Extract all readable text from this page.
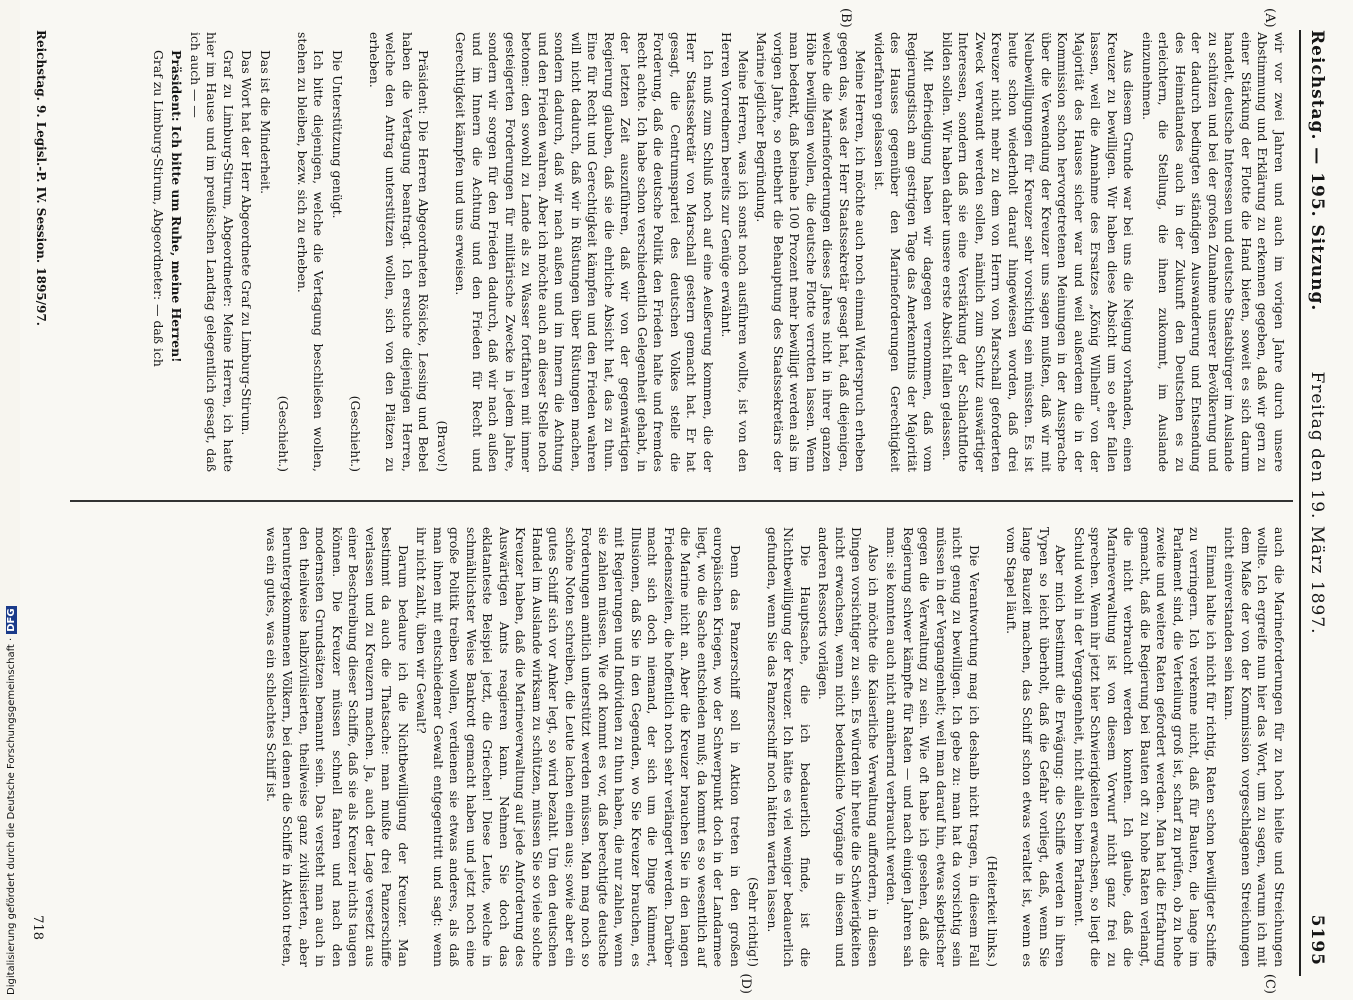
Reichstag. — 195. Sitzung.
Freitag den 19. März 1897.
5195
(A)
(B)
(C)
(D)

wir vor zwei Jahren und auch im vorigen Jahre durch unsere Abstimmung und Erklärung zu erkennen gegeben, daß wir gern zu einer Stärkung der Flotte die Hand bieten, soweit es sich darum handelt, deutsche Interessen und deutsche Staatsbürger im Auslande zu schützen und bei der großen Zunahme unserer Bevölkerung und der dadurch bedingten ständigen Auswanderung und Entsendung des Heimatlandes auch in der Zukunft den Deutschen es zu erleichtern, die Stellung, die ihnen zukommt, im Auslande einzunehmen.

Aus diesem Grunde war bei uns die Neigung vorhanden, einen Kreuzer zu bewilligen. Wir haben diese Absicht um so eher fallen lassen, weil die Annahme des Ersatzes „König Wilhelm“ von der Majorität des Hauses sicher war und weil außerdem die in der Kommission schon hervorgetretenen Meinungen in der Aussprache über die Verwendung der Kreuzer uns sagen mußten, daß wir mit Neubewilligungen für Kreuzer sehr vorsichtig sein müssten. Es ist heute schon wiederholt darauf hingewiesen worden, daß drei Kreuzer nicht mehr zu dem von Herrn von Marschall geforderten Zweck verwandt werden sollen, nämlich zum Schutz auswärtiger Interessen, sondern daß sie eine Verstärkung der Schlachtflotte bilden sollen. Wir haben daher unsere erste Absicht fallen gelassen.

Mit Befriedigung haben wir dagegen vernommen, daß vom Regierungstisch am gestrigen Tage das Anerkenntnis der Majorität des Hauses gegenüber den Marineforderungen Gerechtigkeit widerfahren gelassen ist.

Meine Herren, ich möchte auch noch einmal Widerspruch erheben gegen das, was der Herr Staatssekretär gesagt hat, daß diejenigen, welche die Marineforderungen dieses Jahres nicht in ihrer ganzen Höhe bewilligen wollen, die deutsche Flotte verrotten lassen. Wenn man bedenkt, daß beinahe 100 Prozent mehr bewilligt werden als im vorigen Jahre, so entbehrt die Behauptung des Staatssekretärs der Marine jeglicher Begründung.

Meine Herren, was ich sonst noch ausführen wollte, ist von den Herren Vorrednern bereits zur Genüge erwähnt.

Ich muß zum Schluß noch auf eine Aeußerung kommen, die der Herr Staatssekretär von Marschall gestern gemacht hat. Er hat gesagt, die Centrumspartei des deutschen Volkes stelle die Forderung, daß die deutsche Politik den Frieden halte und fremdes Recht achte. Ich habe schon verschiedentlich Gelegenheit gehabt, in der letzten Zeit auszuführen, daß wir von der gegenwärtigen Regierung glauben, daß sie die ehrliche Absicht hat, das zu thun. Eine für Recht und Gerechtigkeit kämpfen und den Frieden wahren will nicht dadurch, daß wir in Rüstungen über Rüstungen machen, sondern dadurch, daß wir nach außen und im Innern die Achtung und den Frieden wahren. Aber ich möchte auch an dieser Stelle noch betonen: den sowohl zu Lande als zu Wasser fortfahren mit immer gesteigerten Forderungen für militärische Zwecke in jedem Jahre, sondern wir sorgen für den Frieden dadurch, daß wir nach außen und im Innern die Achtung und den Frieden für Recht und Gerechtigkeit kämpfen und uns erweisen.

(Bravo!)

Präsident: Die Herren Abgeordneten Rösicke, Lessing und Bebel haben die Vertagung beantragt. Ich ersuche diejenigen Herren, welche den Antrag unterstützen wollen, sich von den Plätzen zu erheben.

(Geschieht.)

Die Unterstützung genügt.

Ich bitte diejenigen, welche die Vertagung beschließen wollen, stehen zu bleiben, bezw. sich zu erheben.

(Geschieht.)

Das ist die Minderheit.

Das Wort hat der Herr Abgeordnete Graf zu Limburg-Stirum.

Graf zu Limburg-Stirum, Abgeordneter: Meine Herren, ich hatte hier im Hause und im preußischen Landtag gelegentlich gesagt, daß ich auch — —

Präsident: Ich bitte um Ruhe, meine Herren!

Graf zu Limburg-Stirum, Abgeordneter: — daß ich

auch die Marineforderungen für zu hoch hielte und Streichungen wollte. Ich ergreife nun hier das Wort, um zu sagen, warum ich mit dem Maße der von der Kommission vorgeschlagenen Streichungen nicht einverstanden sein kann.

Einmal halte ich nicht für richtig, Raten schon bewilligter Schiffe zu verringern. Ich verkenne nicht, daß für Bauten, die lange im Parlament sind, die Verteilung groß ist, scharf zu prüfen, ob zu hohe zweite und weitere Raten gefordert werden. Man hat die Erfahrung gemacht, daß die Regierung bei Bauten oft zu hohe Raten verlangt, die nicht verbraucht werden konnten. Ich glaube, daß die Marineverwaltung ist von diesem Vorwurf nicht ganz frei zu sprechen. Wenn ihr jetzt hier Schwierigkeiten erwachsen, so liegt die Schuld wohl in der Vergangenheit, nicht allein beim Parlament.

Aber mich bestimmt die Erwägung: die Schiffe werden in ihren Typen so leicht überholt, daß die Gefahr vorliegt, daß, wenn Sie lange Bauzeit machen, das Schiff schon etwas veraltet ist, wenn es vom Stapel läuft.

(Heiterkeit links.)

Die Verantwortung mag ich deshalb nicht tragen, in diesem Fall nicht genug zu bewilligen. Ich gebe zu: man hat da vorsichtig sein müssen in der Vergangenheit; weil man darauf hin, etwas skeptischer gegen die Verwaltung zu sein. Wie oft habe ich gesehen, daß die Regierung schwer kämpfte für Raten — und nach einigen Jahren sah man: sie konnten auch nicht annähernd verbraucht werden.

Also ich möchte die Kaiserliche Verwaltung auffordern, in diesen Dingen vorsichtiger zu sein. Es würden ihr heute die Schwierigkeiten nicht erwachsen, wenn nicht bedenkliche Vorgänge in diesem und anderen Ressorts vorlägen.

Die Hauptsache, die ich bedauerlich finde, ist die Nichtbewilligung der Kreuzer. Ich hätte es viel weniger bedauerlich gefunden, wenn Sie das Panzerschiff noch hätten warten lassen.

(Sehr richtig!)

Denn das Panzerschiff soll in Aktion treten in den großen europäischen Kriegen, wo der Schwerpunkt doch in der Landarmee liegt, wo die Sache entschieden muß; da kommt es so wesentlich auf die Marine nicht an. Aber die Kreuzer brauchen Sie in den langen Friedenszeiten, die hoffentlich noch sehr verlängert werden. Darüber macht sich doch niemand, der sich um die Dinge kümmert, Illusionen, daß Sie in den Gegenden, wo Sie Kreuzer brauchen, es mit Regierungen und Individuen zu thun haben, die nur zahlen, wenn sie zahlen müssen. Wie oft kommt es vor, daß berechtigte deutsche Forderungen amtlich unterstützt werden müssen. Man mag noch so schöne Noten schreiben, die Leute lachen einen aus; sowie aber ein gutes Schiff sich vor Anker legt, so wird bezahlt. Um den deutschen Handel im Auslande wirksam zu schützen, müssen Sie so viele solche Kreuzer haben, daß die Marineverwaltung auf jede Anforderung des Auswärtigen Amts reagieren kann. Nehmen Sie doch das eklatanteste Beispiel jetzt, die Griechen! Diese Leute, welche in schmählichster Weise Bankrott gemacht haben und jetzt noch eine große Politik treiben wollen, verdienen sie etwas anderes, als daß man ihnen mit entschiedener Gewalt entgegentritt und sagt: wenn ihr nicht zahlt, üben wir Gewalt?

Darum bedaure ich die Nichtbewilligung der Kreuzer. Man bestimmt da auch die Thatsache: man mußte drei Panzerschiffe verlassen und zu Kreuzern machen. Ja, auch der Lage versetzt aus einer Beschreibung dieser Schiffe, daß sie als Kreuzer nichts taugen können. Die Kreuzer müssen schnell fahren und nach den modernsten Grundsätzen bemannt sein. Das versteht man auch in den theilweise halbzivilisierten, theilweise ganz zivilisierten, aber heruntergekommenen Völkern, bei denen die Schiffe in Aktion treten, was ein gutes, was ein schlechtes Schiff ist.

Reichstag. 9. Legisl.-P. IV. Session. 1895/97.
718
Digitalisierung gefördert durch die Deutsche Forschungsgemeinschaft ·DFG
